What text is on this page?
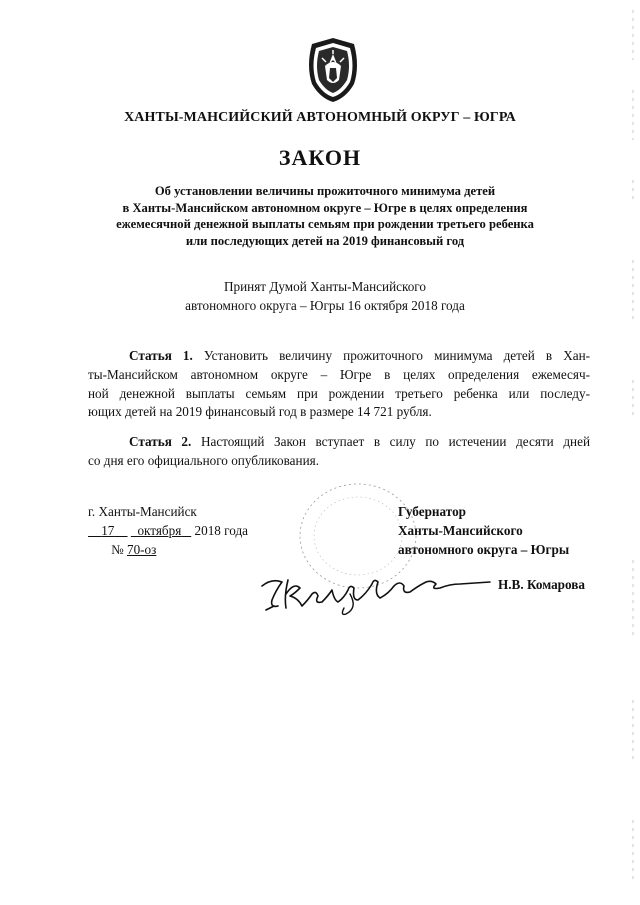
ХАНТЫ-МАНСИЙСКИЙ АВТОНОМНЫЙ ОКРУГ – ЮГРА
ЗАКОН
Об установлении величины прожиточного минимума детей
в Ханты-Мансийском автономном округе – Югре в целях определения
ежемесячной денежной выплаты семьям при рождении третьего ребенка
или последующих детей на 2019 финансовый год
Принят Думой Ханты-Мансийского
автономного округа – Югры 16 октября 2018 года
Статья 1. Установить величину прожиточного минимума детей в Хан-
ты-Мансийском автономном округе – Югре в целях определения ежемесяч-
ной денежной выплаты семьям при рождении третьего ребенка или последу-
ющих детей на 2019 финансовый год в размере 14 721 рубля.
Статья 2. Настоящий Закон вступает в силу по истечении десяти дней
со дня его официального опубликования.
г. Ханты-Мансийск
17 октября 2018 года
№ 70-оз
Губернатор
Ханты-Мансийского
автономного округа – Югры
Н.В. Комарова
